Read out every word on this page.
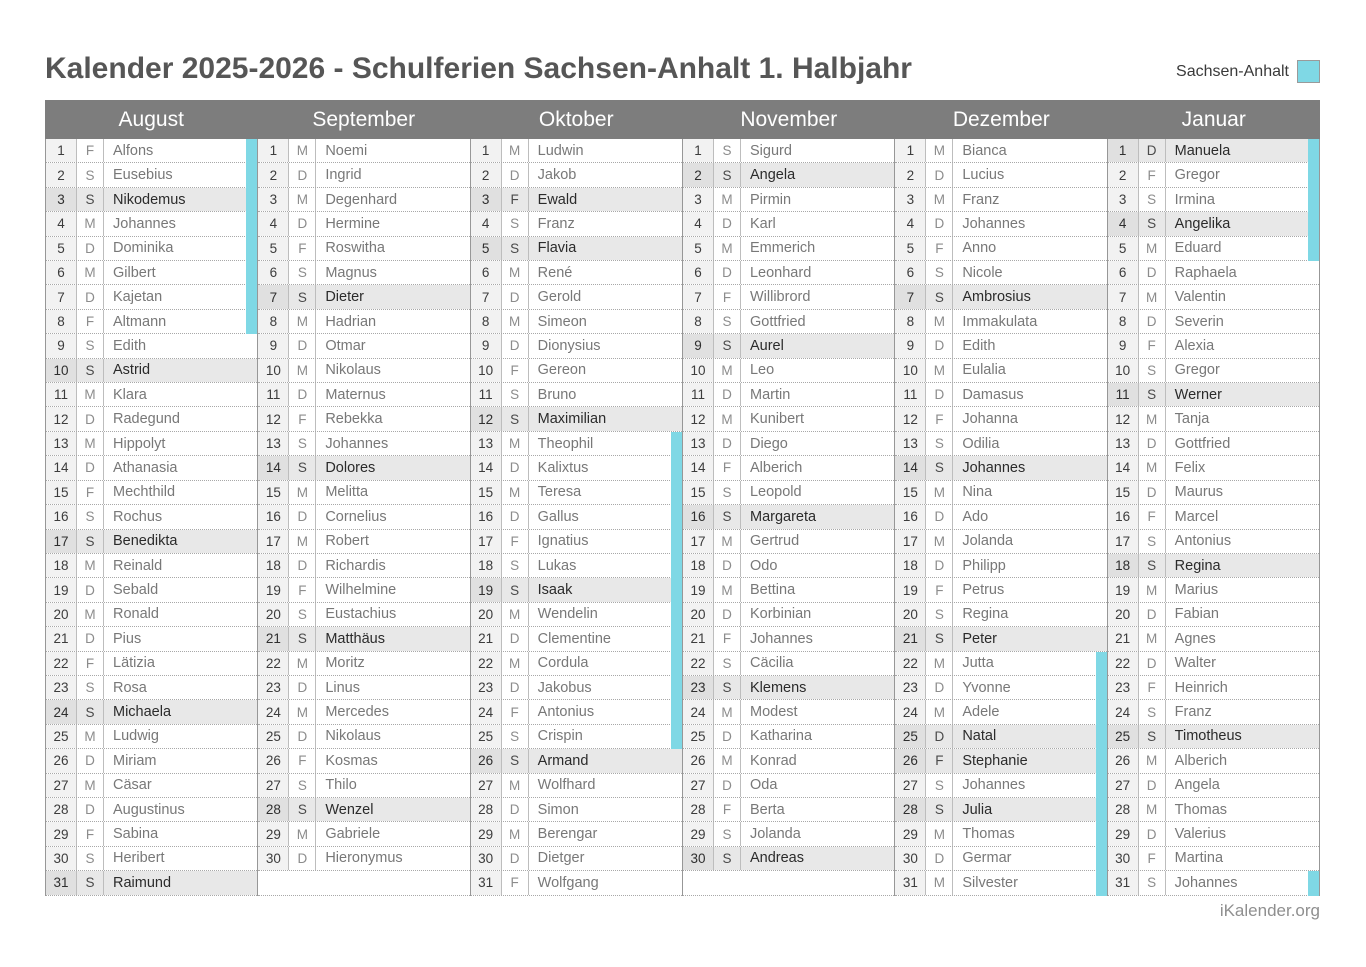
Kalender 2025-2026 - Schulferien Sachsen-Anhalt 1. Halbjahr	Sachsen-Anhalt
August	September	Oktober	November	Dezember	Januar
1	F	Alfons
2	S	Eusebius
3	S	Nikodemus
4	M	Johannes
5	D	Dominika
6	M	Gilbert
7	D	Kajetan
8	F	Altmann
9	S	Edith
10	S	Astrid
11	M	Klara
12	D	Radegund
13	M	Hippolyt
14	D	Athanasia
15	F	Mechthild
16	S	Rochus
17	S	Benedikta
18	M	Reinald
19	D	Sebald
20	M	Ronald
21	D	Pius
22	F	Lätizia
23	S	Rosa
24	S	Michaela
25	M	Ludwig
26	D	Miriam
27	M	Cäsar
28	D	Augustinus
29	F	Sabina
30	S	Heribert
31	S	Raimund
1	M	Noemi
2	D	Ingrid
3	M	Degenhard
4	D	Hermine
5	F	Roswitha
6	S	Magnus
7	S	Dieter
8	M	Hadrian
9	D	Otmar
10	M	Nikolaus
11	D	Maternus
12	F	Rebekka
13	S	Johannes
14	S	Dolores
15	M	Melitta
16	D	Cornelius
17	M	Robert
18	D	Richardis
19	F	Wilhelmine
20	S	Eustachius
21	S	Matthäus
22	M	Moritz
23	D	Linus
24	M	Mercedes
25	D	Nikolaus
26	F	Kosmas
27	S	Thilo
28	S	Wenzel
29	M	Gabriele
30	D	Hieronymus
1	M	Ludwin
2	D	Jakob
3	F	Ewald
4	S	Franz
5	S	Flavia
6	M	René
7	D	Gerold
8	M	Simeon
9	D	Dionysius
10	F	Gereon
11	S	Bruno
12	S	Maximilian
13	M	Theophil
14	D	Kalixtus
15	M	Teresa
16	D	Gallus
17	F	Ignatius
18	S	Lukas
19	S	Isaak
20	M	Wendelin
21	D	Clementine
22	M	Cordula
23	D	Jakobus
24	F	Antonius
25	S	Crispin
26	S	Armand
27	M	Wolfhard
28	D	Simon
29	M	Berengar
30	D	Dietger
31	F	Wolfgang
1	S	Sigurd
2	S	Angela
3	M	Pirmin
4	D	Karl
5	M	Emmerich
6	D	Leonhard
7	F	Willibrord
8	S	Gottfried
9	S	Aurel
10	M	Leo
11	D	Martin
12	M	Kunibert
13	D	Diego
14	F	Alberich
15	S	Leopold
16	S	Margareta
17	M	Gertrud
18	D	Odo
19	M	Bettina
20	D	Korbinian
21	F	Johannes
22	S	Cäcilia
23	S	Klemens
24	M	Modest
25	D	Katharina
26	M	Konrad
27	D	Oda
28	F	Berta
29	S	Jolanda
30	S	Andreas
1	M	Bianca
2	D	Lucius
3	M	Franz
4	D	Johannes
5	F	Anno
6	S	Nicole
7	S	Ambrosius
8	M	Immakulata
9	D	Edith
10	M	Eulalia
11	D	Damasus
12	F	Johanna
13	S	Odilia
14	S	Johannes
15	M	Nina
16	D	Ado
17	M	Jolanda
18	D	Philipp
19	F	Petrus
20	S	Regina
21	S	Peter
22	M	Jutta
23	D	Yvonne
24	M	Adele
25	D	Natal
26	F	Stephanie
27	S	Johannes
28	S	Julia
29	M	Thomas
30	D	Germar
31	M	Silvester
1	D	Manuela
2	F	Gregor
3	S	Irmina
4	S	Angelika
5	M	Eduard
6	D	Raphaela
7	M	Valentin
8	D	Severin
9	F	Alexia
10	S	Gregor
11	S	Werner
12	M	Tanja
13	D	Gottfried
14	M	Felix
15	D	Maurus
16	F	Marcel
17	S	Antonius
18	S	Regina
19	M	Marius
20	D	Fabian
21	M	Agnes
22	D	Walter
23	F	Heinrich
24	S	Franz
25	S	Timotheus
26	M	Alberich
27	D	Angela
28	M	Thomas
29	D	Valerius
30	F	Martina
31	S	Johannes
iKalender.org
